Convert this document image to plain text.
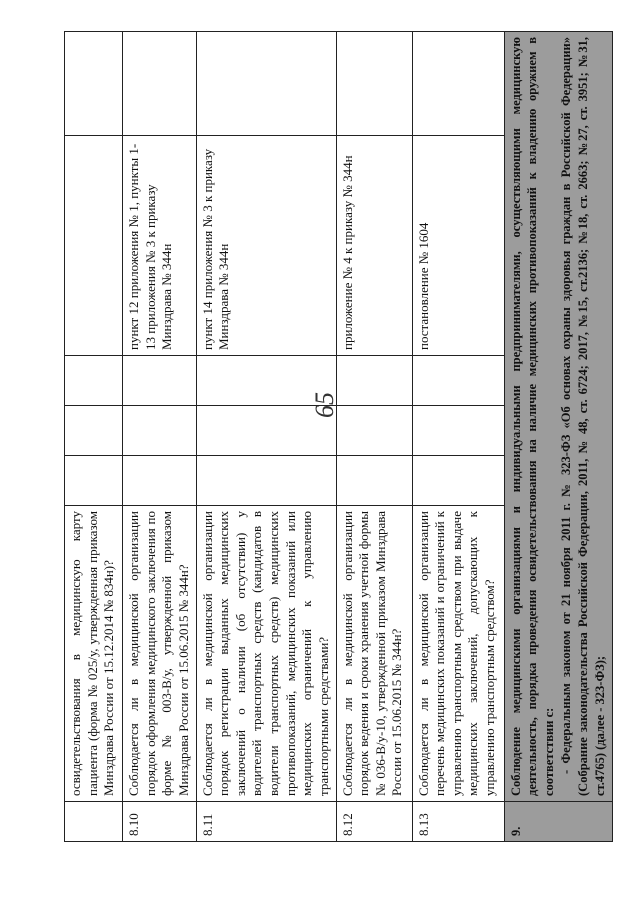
65
	освидетельствования в медицинскую карту пациента (форма № 025/у, утвержденная приказом Минздрава России от 15.12.2014 № 834н)?					
8.10	Соблюдается ли в медицинской организации порядок оформления медицинского заключения по форме № 003-В/у, утвержденной приказом Минздрава России от 15.06.2015 № 344н?				пункт 12 приложения № 1, пункты 1-13 приложения № 3 к приказу Минздрава № 344н	
8.11	Соблюдается ли в медицинской организации порядок регистрации выданных медицинских заключений о наличии (об отсутствии) у водителей транспортных средств (кандидатов в водители транспортных средств) медицинских противопоказаний, медицинских показаний или медицинских ограничений к управлению транспортными средствами?				пункт 14 приложения № 3 к приказу Минздрава № 344н	
8.12	Соблюдается ли в медицинской организации порядок ведения и сроки хранения учетной формы № 036-В/у-10, утвержденной приказом Минздрава России от 15.06.2015 № 344н?				приложение № 4 к приказу № 344н	
8.13	Соблюдается ли в медицинской организации перечень медицинских показаний и ограничений к управлению транспортным средством при выдаче медицинских заключений, допускающих к управлению транспортным средством?				постановление № 1604	
9.	Соблюдение медицинскими организациями и индивидуальными предпринимателями, осуществляющими медицинскую деятельность, порядка проведения освидетельствования на наличие медицинских противопоказаний к владению оружием в соответствии с: - Федеральным законом от 21 ноября 2011 г. № 323-ФЗ «Об основах охраны здоровья граждан в Российской Федерации» (Собрание законодательства Российской Федерации, 2011, № 48, ст. 6724; 2017, №15, ст.2136; №18, ст. 2663; №27, ст. 3951; №31, ст.4765) (далее - 323-ФЗ);					
